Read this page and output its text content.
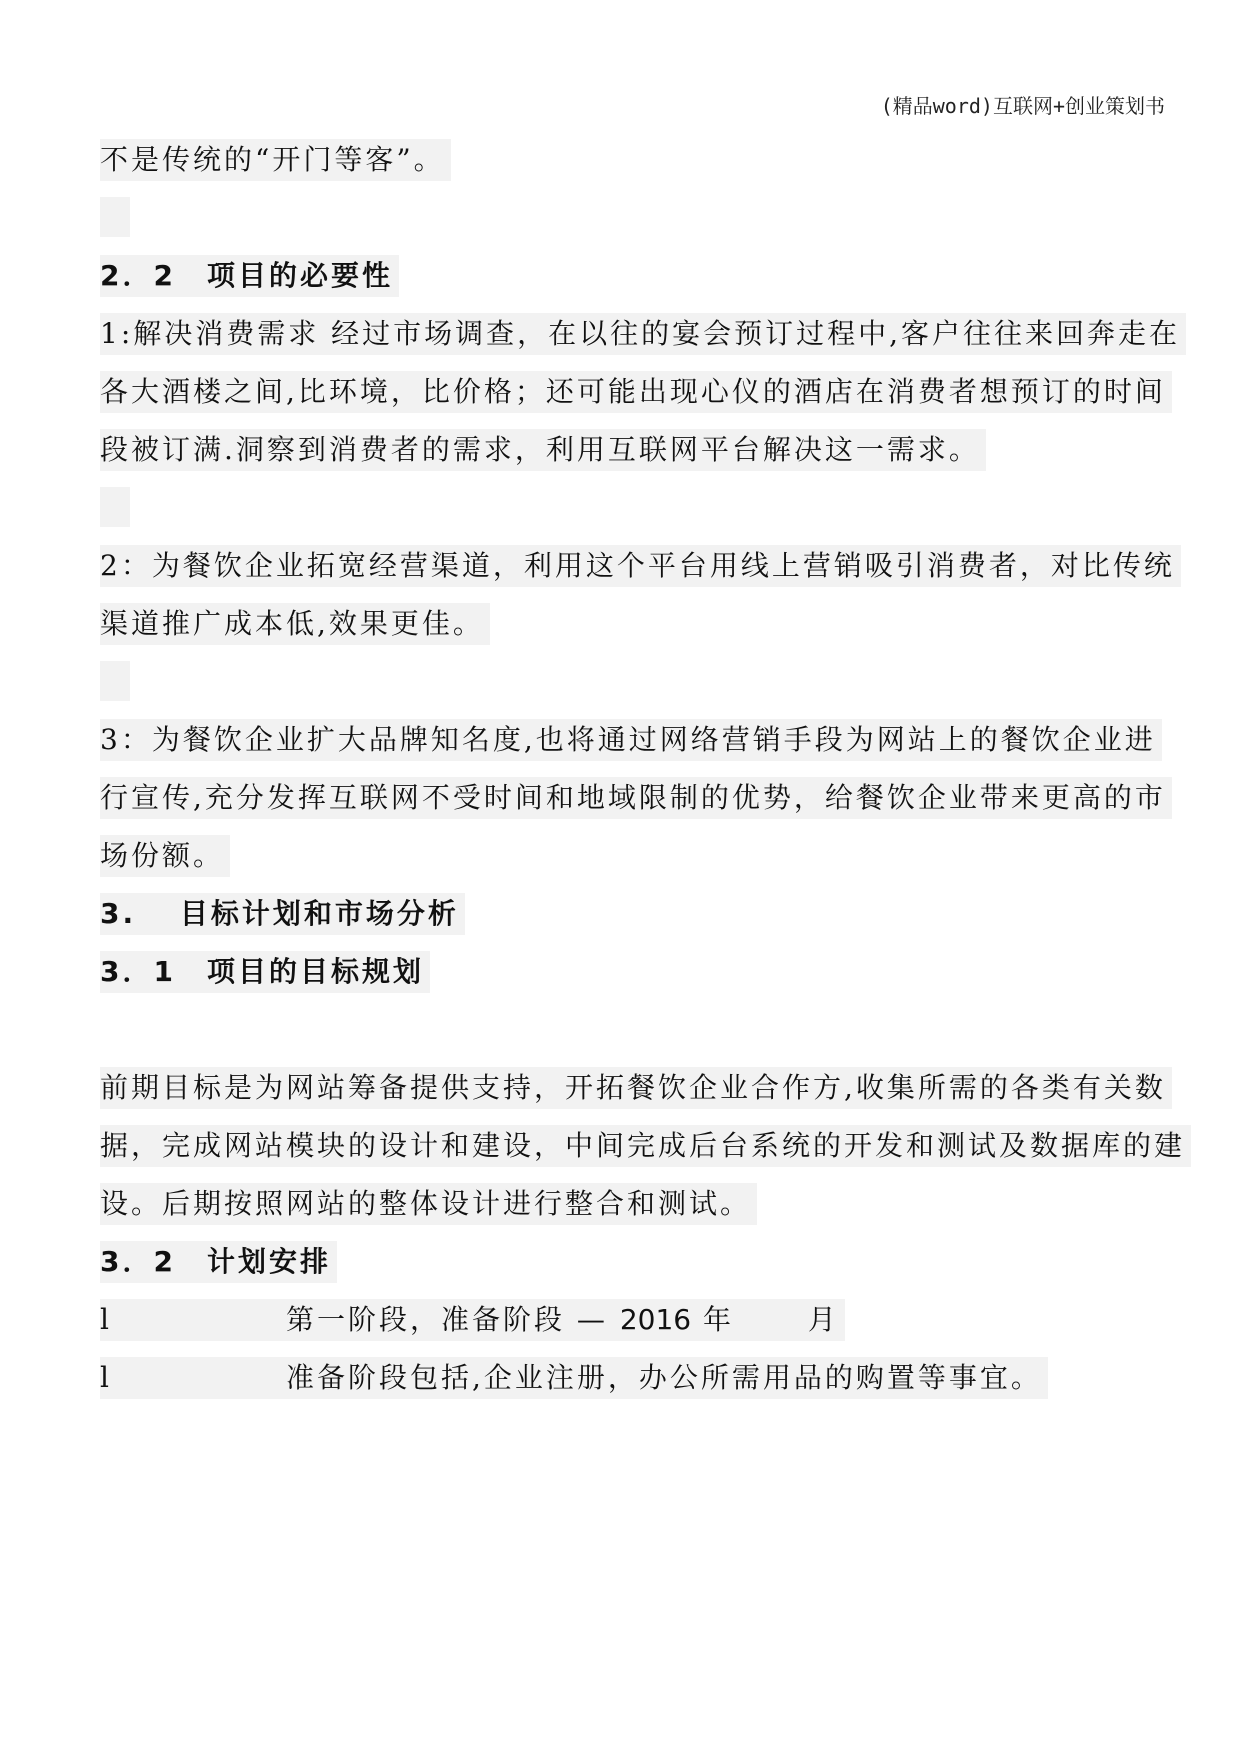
(精品word)互联网+创业策划书
不是传统的“开门等客”。
2．2　项目的必要性
1:解决消费需求 经过市场调查，在以往的宴会预订过程中,客户往往来回奔走在
各大酒楼之间,比环境，比价格；还可能出现心仪的酒店在消费者想预订的时间
段被订满.洞察到消费者的需求，利用互联网平台解决这一需求。
2：为餐饮企业拓宽经营渠道，利用这个平台用线上营销吸引消费者，对比传统
渠道推广成本低,效果更佳。
3：为餐饮企业扩大品牌知名度,也将通过网络营销手段为网站上的餐饮企业进
行宣传,充分发挥互联网不受时间和地域限制的优势，给餐饮企业带来更高的市
场份额。
3.　 目标计划和市场分析
3．1　项目的目标规划
前期目标是为网站筹备提供支持，开拓餐饮企业合作方,收集所需的各类有关数
据，完成网站模块的设计和建设，中间完成后台系统的开发和测试及数据库的建
设。后期按照网站的整体设计进行整合和测试。
3．2　计划安排
l	第一阶段，准备阶段 — 2016 年　　 月
l	准备阶段包括,企业注册，办公所需用品的购置等事宜。
